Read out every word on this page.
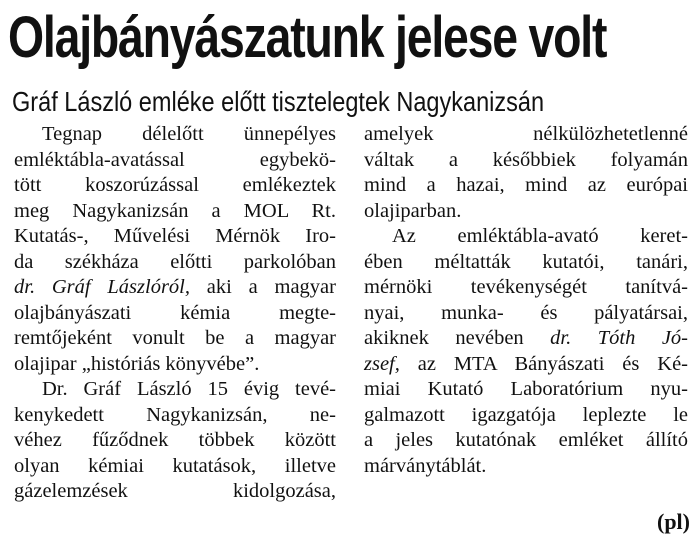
Olajbányászatunk jelese volt
Gráf László emléke előtt tisztelegtek Nagykanizsán
Tegnap délelőtt ünnepélyes
emléktábla-avatással egybekö-
tött koszorúzással emlékeztek
meg Nagykanizsán a MOL Rt.
Kutatás-, Művelési Mérnök Iro-
da székháza előtti parkolóban
dr. Gráf Lászlóról, aki a magyar
olajbányászati kémia megte-
remtőjeként vonult be a magyar
olajipar „históriás könyvébe”.
Dr. Gráf László 15 évig tevé-
kenykedett Nagykanizsán, ne-
véhez fűződnek többek között
olyan kémiai kutatások, illetve
gázelemzések kidolgozása,
amelyek nélkülözhetetlenné
váltak a későbbiek folyamán
mind a hazai, mind az európai
olajiparban.
Az emléktábla-avató keret-
ében méltatták kutatói, tanári,
mérnöki tevékenységét tanítvá-
nyai, munka- és pályatársai,
akiknek nevében dr. Tóth Jó-
zsef, az MTA Bányászati és Ké-
miai Kutató Laboratórium nyu-
galmazott igazgatója leplezte le
a jeles kutatónak emléket állító
márványtáblát.
(pl)
